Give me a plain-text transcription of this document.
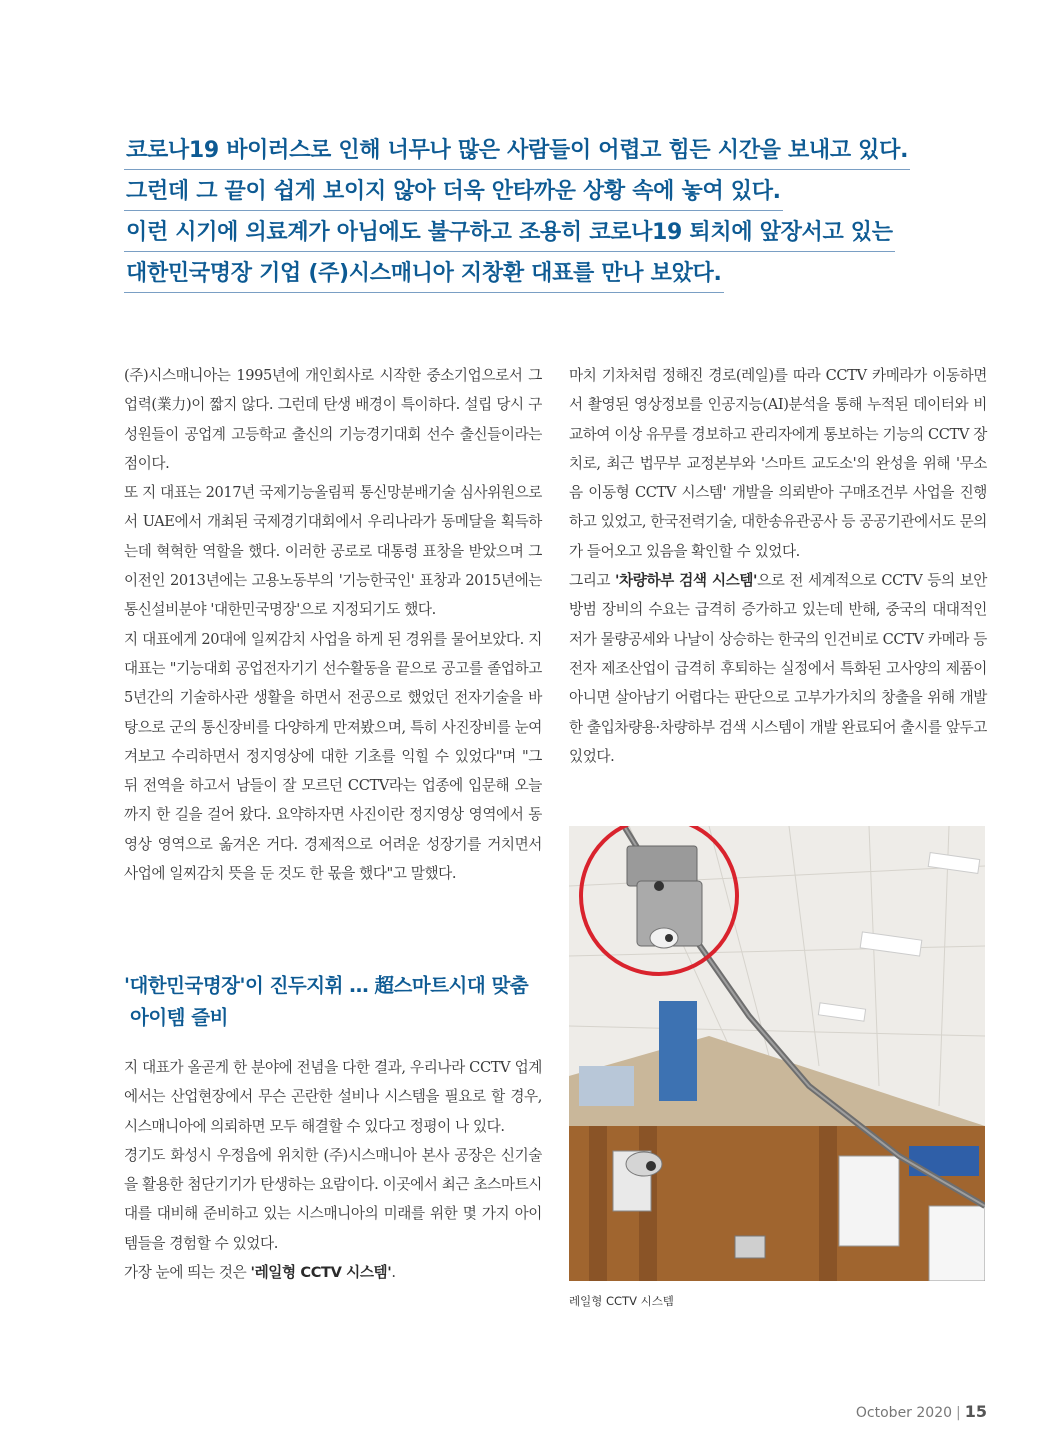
코로나19 바이러스로 인해 너무나 많은 사람들이 어렵고 힘든 시간을 보내고 있다.
그런데 그 끝이 쉽게 보이지 않아 더욱 안타까운 상황 속에 놓여 있다.
이런 시기에 의료계가 아님에도 불구하고 조용히 코로나19 퇴치에 앞장서고 있는
대한민국명장 기업 (주)시스매니아 지창환 대표를 만나 보았다.

(주)시스매니아는 1995년에 개인회사로 시작한 중소기업으로서 그 업력(業力)이 짧지 않다. 그런데 탄생 배경이 특이하다. 설립 당시 구성원들이 공업계 고등학교 출신의 기능경기대회 선수 출신들이라는 점이다.

또 지 대표는 2017년 국제기능올림픽 통신망분배기술 심사위원으로서 UAE에서 개최된 국제경기대회에서 우리나라가 동메달을 획득하는데 혁혁한 역할을 했다. 이러한 공로로 대통령 표창을 받았으며 그 이전인 2013년에는 고용노동부의 '기능한국인' 표창과 2015년에는 통신설비분야 '대한민국명장'으로 지정되기도 했다.

지 대표에게 20대에 일찌감치 사업을 하게 된 경위를 물어보았다. 지 대표는 "기능대회 공업전자기기 선수활동을 끝으로 공고를 졸업하고 5년간의 기술하사관 생활을 하면서 전공으로 했었던 전자기술을 바탕으로 군의 통신장비를 다양하게 만져봤으며, 특히 사진장비를 눈여겨보고 수리하면서 정지영상에 대한 기초를 익힐 수 있었다"며 "그 뒤 전역을 하고서 남들이 잘 모르던 CCTV라는 업종에 입문해 오늘까지 한 길을 걸어 왔다. 요약하자면 사진이란 정지영상 영역에서 동영상 영역으로 옮겨온 거다. 경제적으로 어려운 성장기를 거치면서 사업에 일찌감치 뜻을 둔 것도 한 몫을 했다"고 말했다.

'대한민국명장'이 진두지휘 … 超스마트시대 맞춤
아이템 즐비

지 대표가 올곧게 한 분야에 전념을 다한 결과, 우리나라 CCTV 업계에서는 산업현장에서 무슨 곤란한 설비나 시스템을 필요로 할 경우, 시스매니아에 의뢰하면 모두 해결할 수 있다고 정평이 나 있다.

경기도 화성시 우정읍에 위치한 (주)시스매니아 본사 공장은 신기술을 활용한 첨단기기가 탄생하는 요람이다. 이곳에서 최근 초스마트시대를 대비해 준비하고 있는 시스매니아의 미래를 위한 몇 가지 아이템들을 경험할 수 있었다.

가장 눈에 띄는 것은 '레일형 CCTV 시스템'.

마치 기차처럼 정해진 경로(레일)를 따라 CCTV 카메라가 이동하면서 촬영된 영상정보를 인공지능(AI)분석을 통해 누적된 데이터와 비교하여 이상 유무를 경보하고 관리자에게 통보하는 기능의 CCTV 장치로, 최근 법무부 교정본부와 '스마트 교도소'의 완성을 위해 '무소음 이동형 CCTV 시스템' 개발을 의뢰받아 구매조건부 사업을 진행하고 있었고, 한국전력기술, 대한송유관공사 등 공공기관에서도 문의가 들어오고 있음을 확인할 수 있었다.

그리고 '차량하부 검색 시스템'으로 전 세계적으로 CCTV 등의 보안방범 장비의 수요는 급격히 증가하고 있는데 반해, 중국의 대대적인 저가 물량공세와 나날이 상승하는 한국의 인건비로 CCTV 카메라 등 전자 제조산업이 급격히 후퇴하는 실정에서 특화된 고사양의 제품이 아니면 살아남기 어렵다는 판단으로 고부가가치의 창출을 위해 개발한 출입차량용·차량하부 검색 시스템이 개발 완료되어 출시를 앞두고 있었다.

레일형 CCTV 시스템
October 2020 | 15
